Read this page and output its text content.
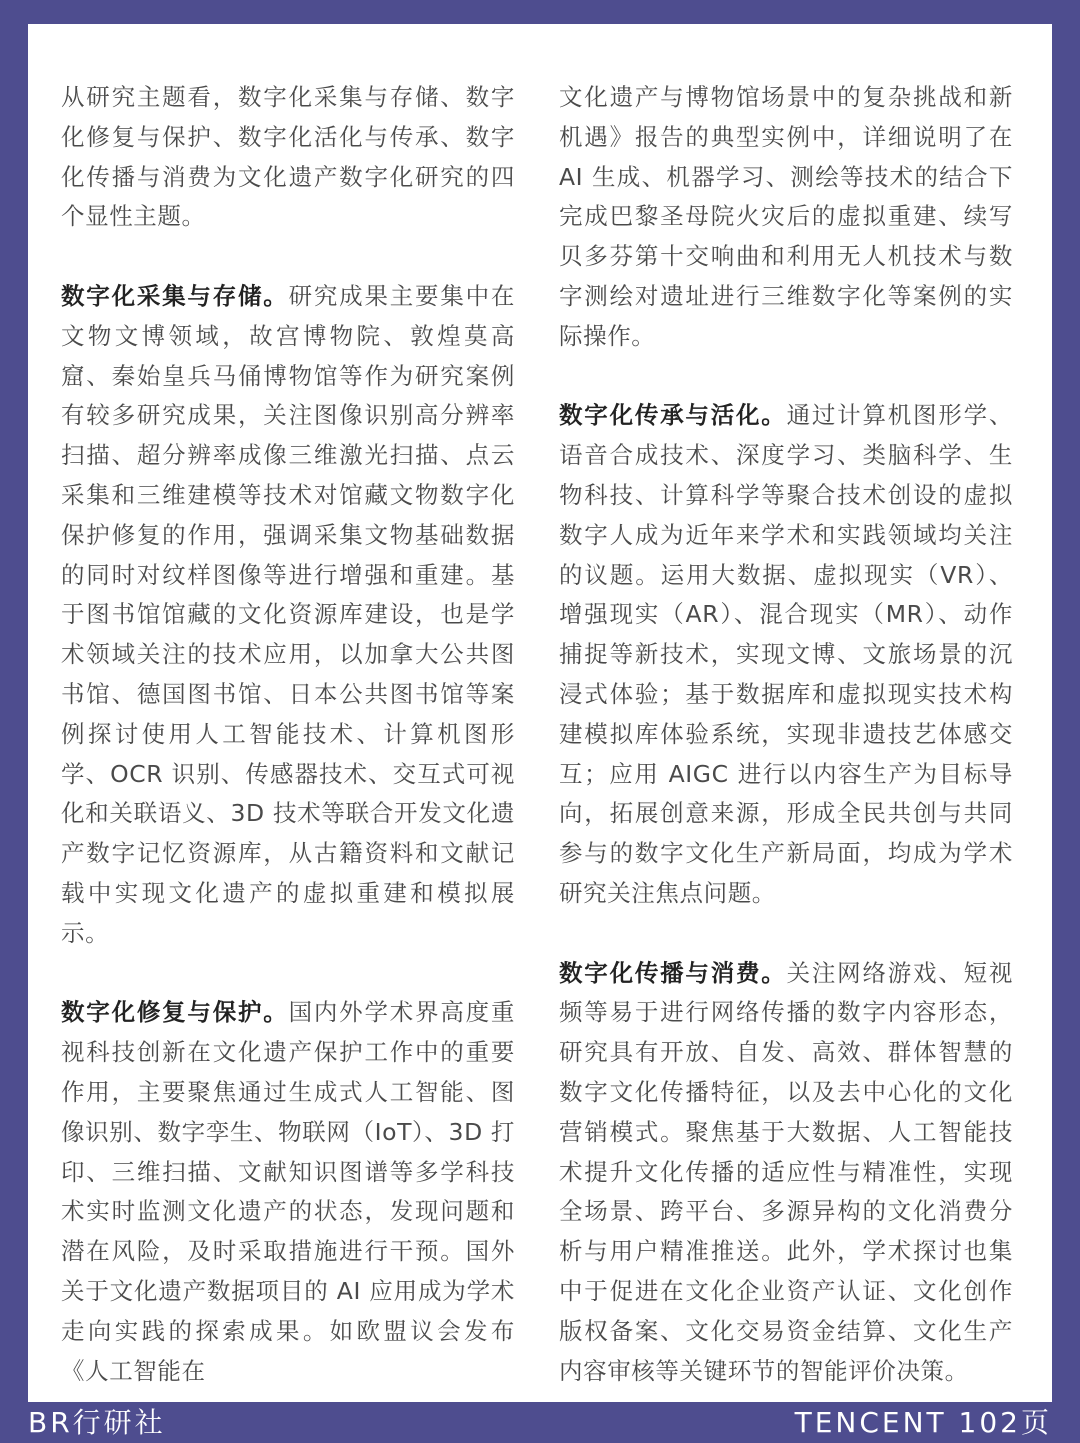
从研究主题看，数字化采集与存储、数字化修复与保护、数字化活化与传承、数字化传播与消费为文化遗产数字化研究的四个显性主题。

数字化采集与存储。研究成果主要集中在文物文博领域，故宫博物院、敦煌莫高窟、秦始皇兵马俑博物馆等作为研究案例有较多研究成果，关注图像识别高分辨率扫描、超分辨率成像三维激光扫描、点云采集和三维建模等技术对馆藏文物数字化保护修复的作用，强调采集文物基础数据的同时对纹样图像等进行增强和重建。基于图书馆馆藏的文化资源库建设，也是学术领域关注的技术应用，以加拿大公共图书馆、德国图书馆、日本公共图书馆等案例探讨使用人工智能技术、计算机图形学、OCR 识别、传感器技术、交互式可视化和关联语义、3D 技术等联合开发文化遗产数字记忆资源库，从古籍资料和文献记载中实现文化遗产的虚拟重建和模拟展示。

数字化修复与保护。国内外学术界高度重视科技创新在文化遗产保护工作中的重要作用，主要聚焦通过生成式人工智能、图像识别、数字孪生、物联网（IoT）、3D 打印、三维扫描、文献知识图谱等多学科技术实时监测文化遗产的状态，发现问题和潜在风险，及时采取措施进行干预。国外关于文化遗产数据项目的 AI 应用成为学术走向实践的探索成果。如欧盟议会发布《人工智能在

文化遗产与博物馆场景中的复杂挑战和新机遇》报告的典型实例中，详细说明了在 AI 生成、机器学习、测绘等技术的结合下完成巴黎圣母院火灾后的虚拟重建、续写贝多芬第十交响曲和利用无人机技术与数字测绘对遗址进行三维数字化等案例的实际操作。

数字化传承与活化。通过计算机图形学、语音合成技术、深度学习、类脑科学、生物科技、计算科学等聚合技术创设的虚拟数字人成为近年来学术和实践领域均关注的议题。运用大数据、虚拟现实（VR）、增强现实（AR）、混合现实（MR）、动作捕捉等新技术，实现文博、文旅场景的沉浸式体验；基于数据库和虚拟现实技术构建模拟库体验系统，实现非遗技艺体感交互；应用 AIGC 进行以内容生产为目标导向，拓展创意来源，形成全民共创与共同参与的数字文化生产新局面，均成为学术研究关注焦点问题。

数字化传播与消费。关注网络游戏、短视频等易于进行网络传播的数字内容形态，研究具有开放、自发、高效、群体智慧的数字文化传播特征，以及去中心化的文化营销模式。聚焦基于大数据、人工智能技术提升文化传播的适应性与精准性，实现全场景、跨平台、多源异构的文化消费分析与用户精准推送。此外，学术探讨也集中于促进在文化企业资产认证、文化创作版权备案、文化交易资金结算、文化生产内容审核等关键环节的智能评价决策。

BR行研社	TENCENT 102页
